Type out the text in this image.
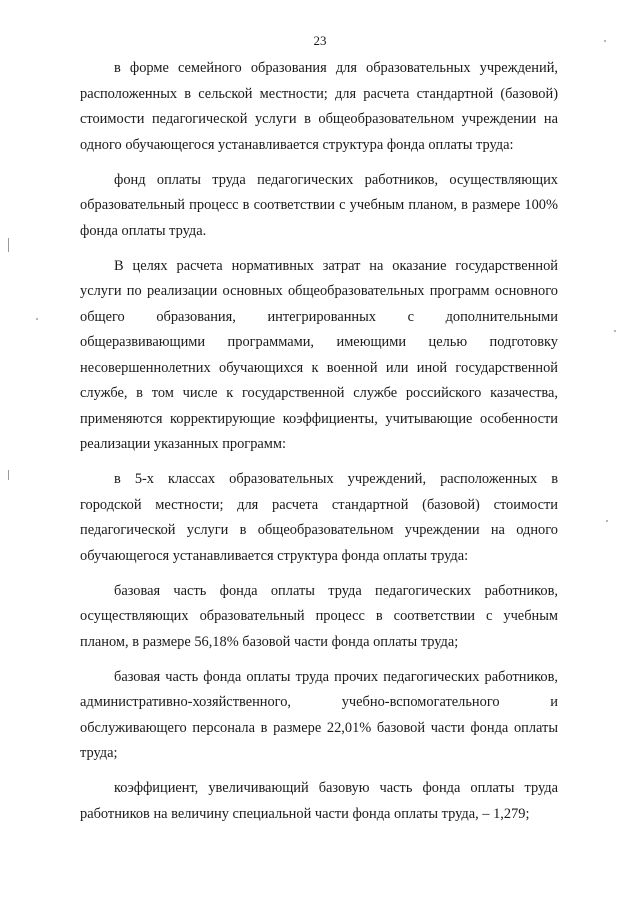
23

в форме семейного образования для образовательных учреждений, расположенных в сельской местности; для расчета стандартной (базовой) стоимости педагогической услуги в общеобразовательном учреждении на одного обучающегося устанавливается структура фонда оплаты труда:

фонд оплаты труда педагогических работников, осуществляющих образовательный процесс в соответствии с учебным планом, в размере 100% фонда оплаты труда.

В целях расчета нормативных затрат на оказание государственной услуги по реализации основных общеобразовательных программ основного общего образования, интегрированных с дополнительными общеразвивающими программами, имеющими целью подготовку несовершеннолетних обучающихся к военной или иной государственной службе, в том числе к государственной службе российского казачества, применяются корректирующие коэффициенты, учитывающие особенности реализации указанных программ:

в 5-х классах образовательных учреждений, расположенных в городской местности; для расчета стандартной (базовой) стоимости педагогической услуги в общеобразовательном учреждении на одного обучающегося устанавливается структура фонда оплаты труда:

базовая часть фонда оплаты труда педагогических работников, осуществляющих образовательный процесс в соответствии с учебным планом, в размере 56,18% базовой части фонда оплаты труда;

базовая часть фонда оплаты труда прочих педагогических работников, административно-хозяйственного, учебно-вспомогательного и обслуживающего персонала в размере 22,01% базовой части фонда оплаты труда;

коэффициент, увеличивающий базовую часть фонда оплаты труда работников на величину специальной части фонда оплаты труда, – 1,279;
